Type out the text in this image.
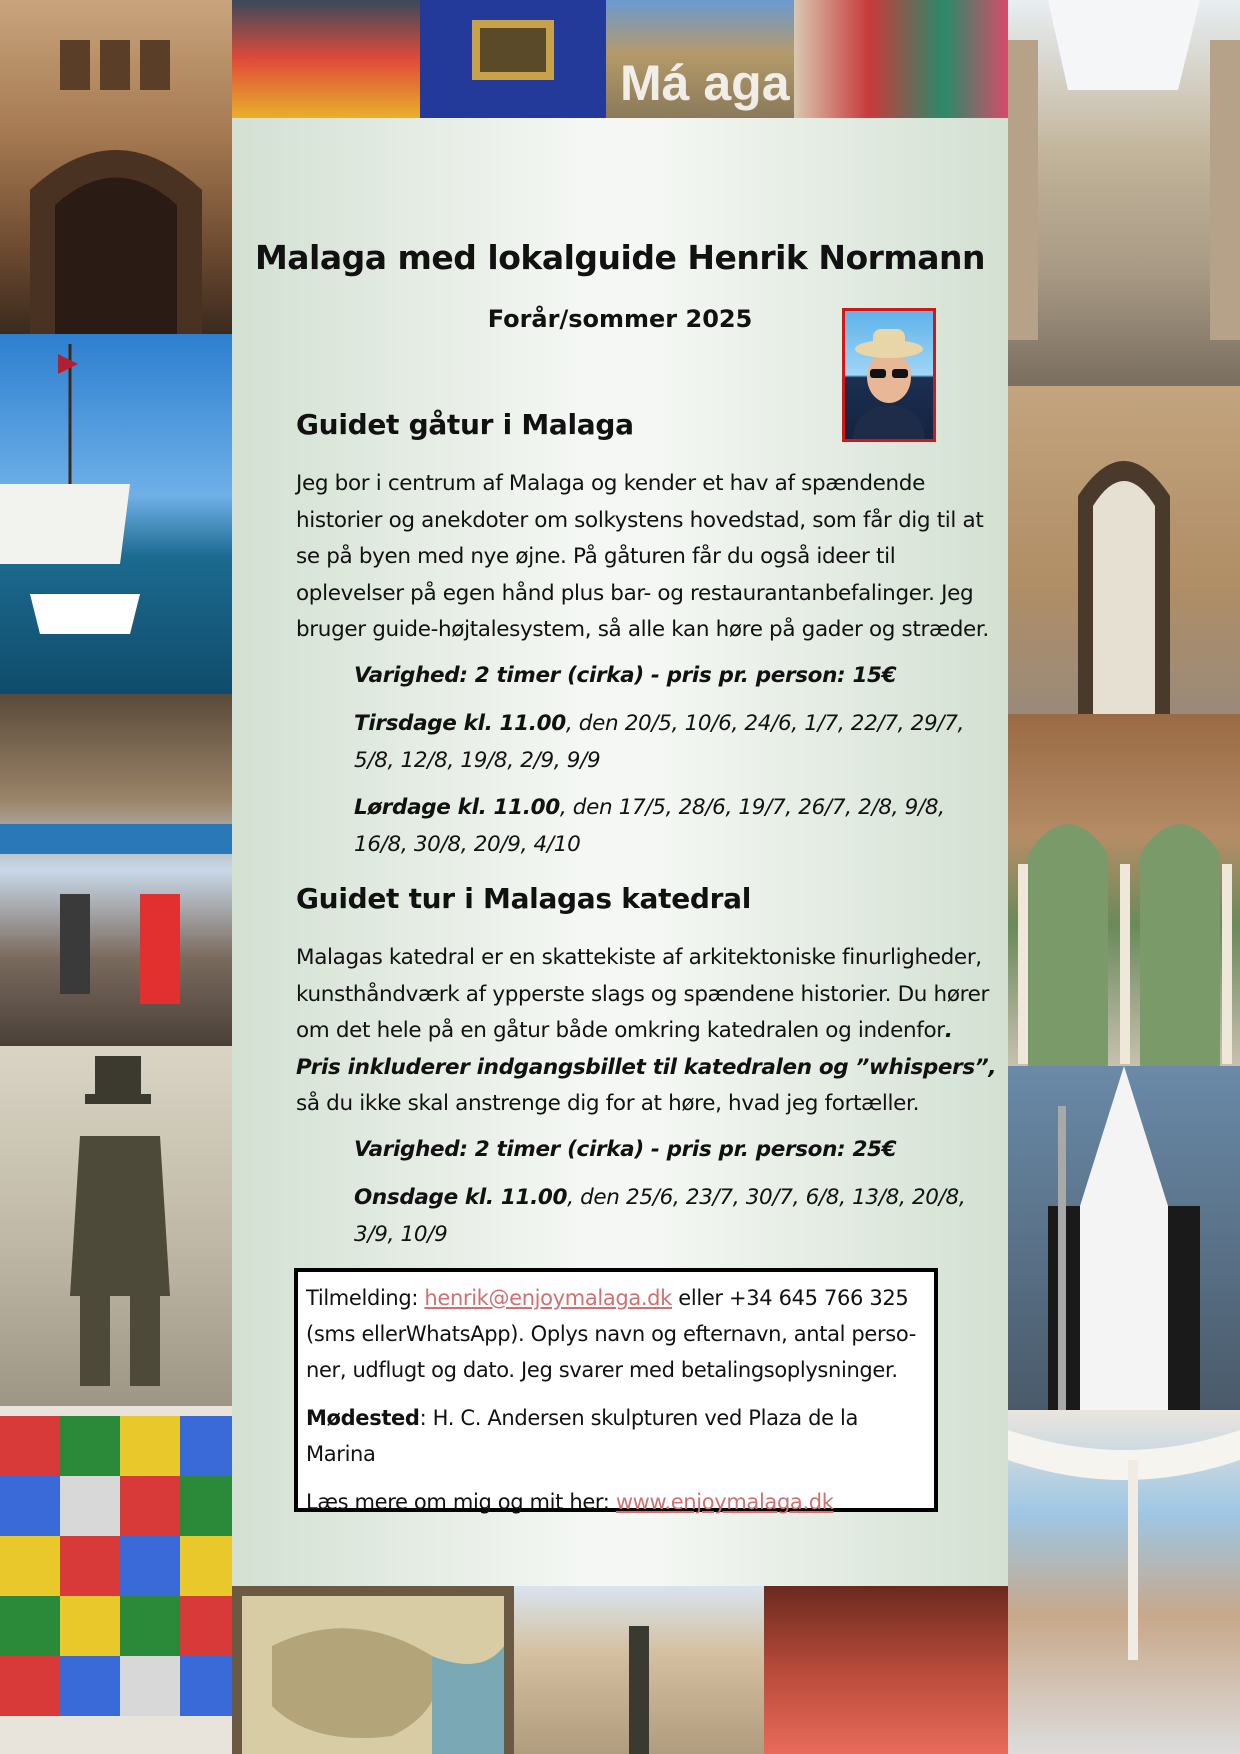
Má aga
Malaga med lokalguide Henrik Normann

Forår/sommer 2025

Guidet gåtur i Malaga

Jeg bor i centrum af Malaga og kender et hav af spændende historier og anekdoter om solkystens hovedstad, som får dig til at se på byen med nye øjne. På gåturen får du også ideer til oplevelser på egen hånd plus bar- og restaurantanbefalinger. Jeg bruger guide-højtalesystem, så alle kan høre på gader og stræder.

Varighed: 2 timer (cirka) - pris pr. person: 15€

Tirsdage kl. 11.00, den 20/5, 10/6, 24/6, 1/7, 22/7, 29/7, 5/8, 12/8, 19/8, 2/9, 9/9

Lørdage kl. 11.00, den 17/5, 28/6, 19/7, 26/7, 2/8, 9/8, 16/8, 30/8, 20/9, 4/10

Guidet tur i Malagas katedral

Malagas katedral er en skattekiste af arkitektoniske finurligheder, kunsthåndværk af ypperste slags og spændene historier. Du hører om det hele på en gåtur både omkring katedralen og indenfor. Pris inkluderer indgangsbillet til katedralen og ”whispers”, så du ikke skal anstrenge dig for at høre, hvad jeg fortæller.

Varighed: 2 timer (cirka) - pris pr. person: 25€

Onsdage kl. 11.00, den 25/6, 23/7, 30/7, 6/8, 13/8, 20/8, 3/9, 10/9

Tilmelding: henrik@enjoymalaga.dk eller +34 645 766 325 (sms ellerWhatsApp). Oplys navn og efternavn, antal perso-ner, udflugt og dato. Jeg svarer med betalingsoplysninger.

Mødested: H. C. Andersen skulpturen ved Plaza de la Marina

Læs mere om mig og mit her: www.enjoymalaga.dk
